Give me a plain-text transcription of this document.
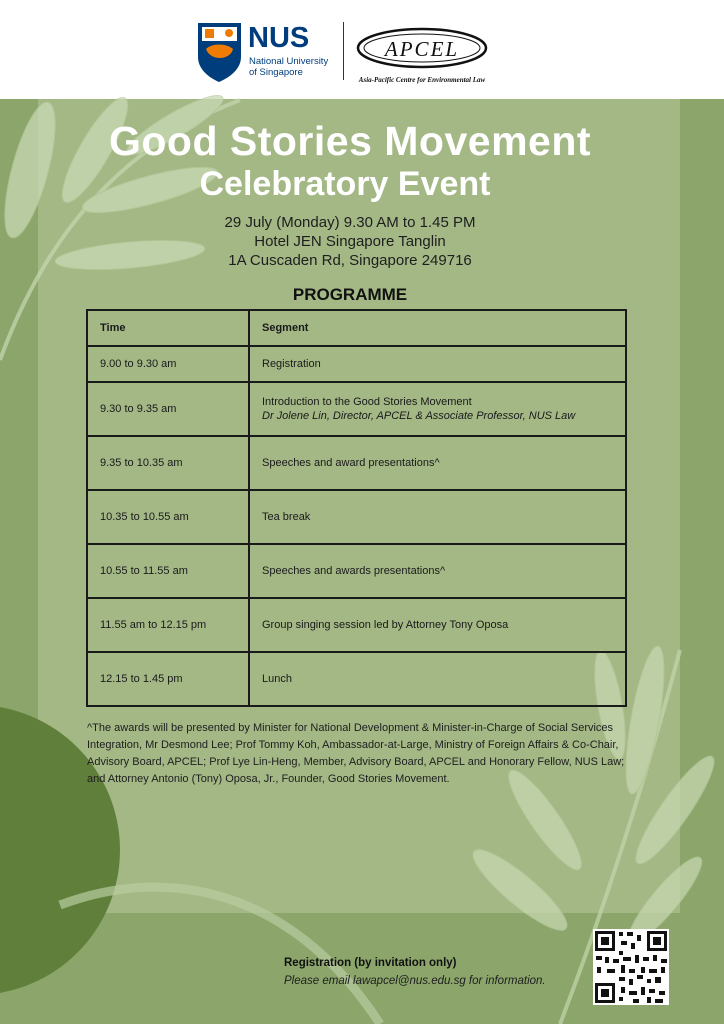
NUS
National University
of Singapore
APCEL
Asia-Pacific Centre for Environmental Law
Good Stories Movement
Celebratory Event
29 July (Monday) 9.30 AM to 1.45 PM
Hotel JEN Singapore Tanglin
1A Cuscaden Rd, Singapore 249716
PROGRAMME
Time	Segment
9.00 to 9.30 am	Registration
9.30 to 9.35 am	Introduction to the Good Stories Movement
Dr Jolene Lin, Director, APCEL & Associate Professor, NUS Law

9.35 to 10.35 am	Speeches and award presentations^
10.35 to 10.55 am	Tea break
10.55 to 11.55 am	Speeches and awards presentations^
11.55 am to 12.15 pm	Group singing session led by Attorney Tony Oposa
12.15 to 1.45 pm	Lunch
^The awards will be presented by Minister for National Development & Minister-in-Charge of Social Services Integration, Mr Desmond Lee; Prof Tommy Koh, Ambassador-at-Large, Ministry of Foreign Affairs & Co-Chair, Advisory Board, APCEL; Prof Lye Lin-Heng, Member, Advisory Board, APCEL and Honorary Fellow, NUS Law; and Attorney Antonio (Tony) Oposa, Jr., Founder, Good Stories Movement.
Registration (by invitation only)
Please email lawapcel@nus.edu.sg for information.
